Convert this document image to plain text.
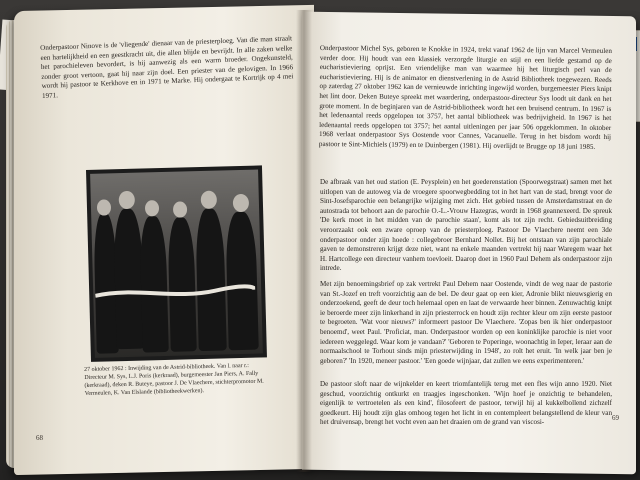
Onderpastoor Ninove is de 'vliegende' dienaar van de priesterploeg. Van die man straalt een hartelijkheid en een geestkracht uit, die allen blijde en bevrijdt. In alle zaken welke het parochieleven bevordert, is hij aanwezig als een warm broeder. Ongekunsteld, zonder groot vertoon, gaat hij naar zijn doel. Een priester van de gelovigen. In 1966 wordt hij pastoor te Kerkhove en in 1971 te Marke. Hij ondergaat te Kortrijk op 4 mei 1971.
27 oktober 1962 : Inwijding van de Astrid-bibliotheek. Van l. naar r.: Directeur M. Sys, L.J. Poris (kerkraad), burgemeester Jan Piers, A. Fally (kerkraad), deken R. Buteye, pastoor J. De Vlaechere, stichterpromotor M. Vermeulen, K. Van Elslande (bibliotheekwerken).
68
Onderpastoor Michel Sys, geboren te Knokke in 1924, trekt vanaf 1962 de lijn van Marcel Vermeulen verder door. Hij houdt van een klassiek verzorgde liturgie en stijl en een liefde gestamd op de eucharistieviering oprijst. Een vriendelijke man van waarmee hij het liturgisch perl van de eucharistieviering. Hij is de animator en dienstverlening in de Astrid Bibliotheek toegewezen. Reeds op zaterdag 27 oktober 1962 kan de vernieuwde inrichting ingewijd worden, burgemeester Piers knipt het lint door. Deken Buteye spreekt met waardering, onderpastoor-directeur Sys loodt uit dank en het grote moment. In de beginjaren van de Astrid-bibliotheek wordt het een bruisend centrum. In 1967 is het ledenaantal reeds opgelopen tot 3757, het aantal bibliotheek was bedrijvigheid. In 1967 is het ledenaantal reeds opgelopen tot 3757; het aantal uitleningen per jaar 506 opgeklommen. In oktober 1968 verlaat onderpastoor Sys Oostende voor Cannes, Vacanuelle. Terug in het bisdom wordt hij pastoor te Sint-Michiels (1979) en te Duinbergen (1981). Hij overlijdt te Brugge op 18 juni 1985.
De afbraak van het oud station (E. Peysplein) en het goederenstation (Spoorwegstraat) samen met het uitlopen van de autoweg via de vroegere spoorwegbedding tot in het hart van de stad, brengt voor de Sint-Josefsparochie een belangrijke wijziging met zich. Het gebied tussen de Amsterdamstraat en de autostrada tot behoort aan de parochie O.-L.-Vrouw Hazegras, wordt in 1968 geannexeerd. De spreuk 'De kerk moet in het midden van de parochie staan', komt als tot zijn recht. Gebiedsuitbreiding veroorzaakt ook een zware oproep van de priesterploeg. Pastoor De Vlaechere neemt een 3de onderpastoor onder zijn hoede : collegebroer Bernhard Nollet. Bij het ontstaan van zijn parochiale gaven te demonstreren krijgt deze niet, want na enkele maanden vertrekt hij naar Waregem waar het H. Hartcollege een directeur vanhem toevloeit. Daarop doet in 1960 Paul Dehem als onderpastoor zijn intrede.
Met zijn benoemingsbrief op zak vertrekt Paul Dehem naar Oostende, vindt de weg naar de pastorie van St.-Jozef en treft voorzichtig aan de bel. De deur gaat op een kier, Adronie blikt nieuwsgierig en onderzoekend, geeft de deur toch helemaal open en laat de verwaarde heer binnen. Zenuwachtig knipt ie beroerde meer zijn linkerhand in zijn priesterrock en houdt zijn rechter kleur om zijn eerste pastoor te begroeten. 'Wat voor nieuws?' informeert pastoor De Vlaechere. 'Zopas ben ik hier onderpastoor benoemd', weet Paul. 'Proficiat, man. Onderpastoor worden op een koninklijke parochie is niet voor iedereen weggelegd. Waar kom je vandaan?' 'Geboren te Poperinge, woonachtig in Ieper, leraar aan de normaalschool te Torhout sinds mijn priesterwijding in 1948', zo rolt het eruit. 'In welk jaar ben je geboren?' 'In 1920, meneer pastoor.' 'Een goede wijnjaar, dat zullen we eens experimenteren.'
De pastoor sloft naar de wijnkelder en keert triomfantelijk terug met een fles wijn anno 1920. Niet geschud, voorzichtig ontkurkt en traagjes ingeschonken. 'Wijn hoef je onzichtig te behandelen, eigenlijk te vertroetelen als een kind', filosofeert de pastoor, terwijl hij al kukkelbollend zichzelf goedkeurt. Hij houdt zijn glas omhoog tegen het licht in en contempleert belangstellend de kleur van het druivensap, brengt het vocht even aan het draaien om de grand van viscosi-
69
